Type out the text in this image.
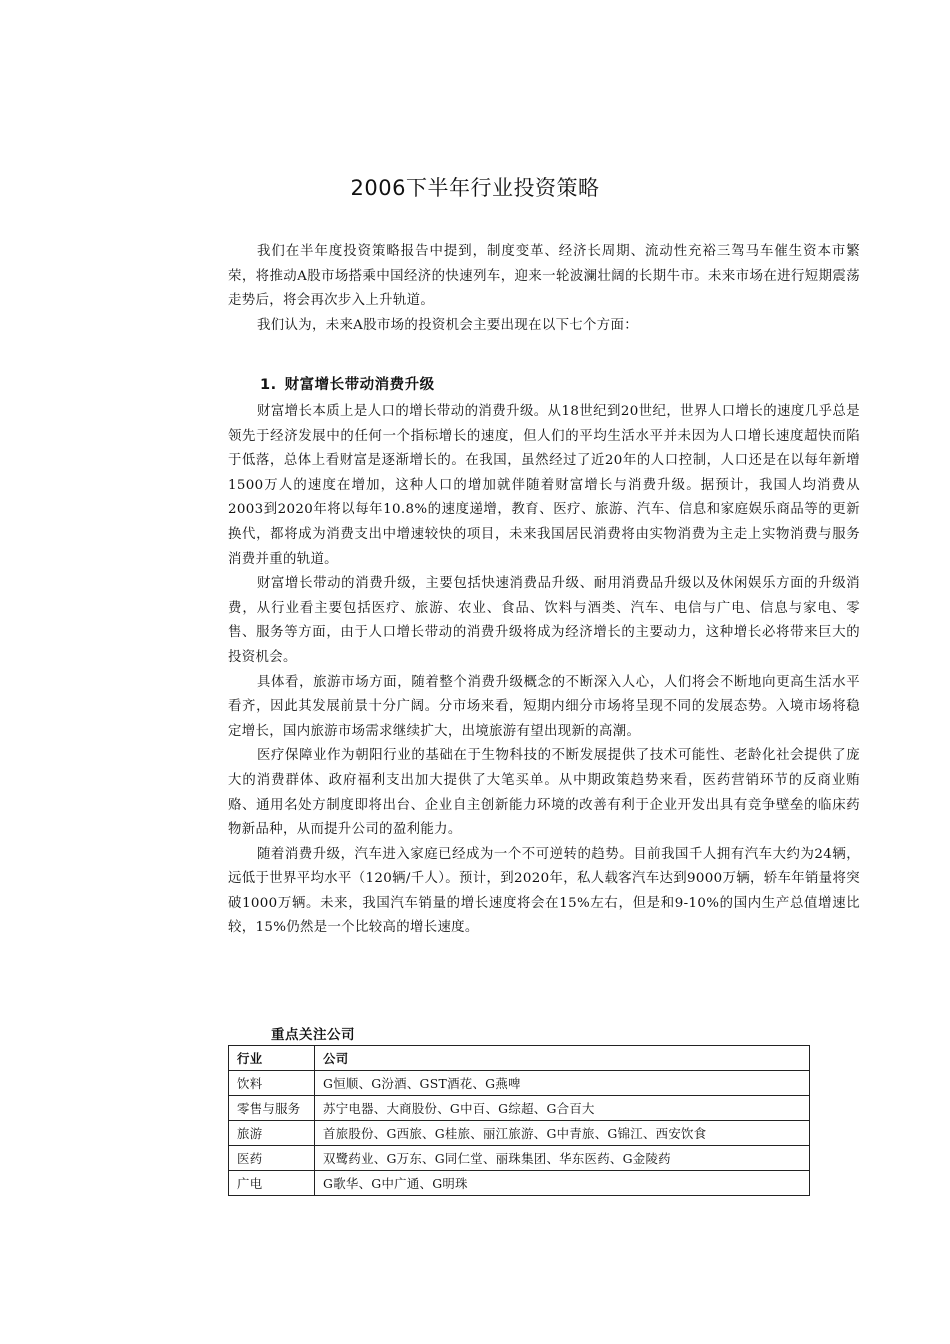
2006下半年行业投资策略

我们在半年度投资策略报告中提到，制度变革、经济长周期、流动性充裕三驾马车催生资本市繁荣，将推动A股市场搭乘中国经济的快速列车，迎来一轮波澜壮阔的长期牛市。未来市场在进行短期震荡走势后，将会再次步入上升轨道。

我们认为，未来A股市场的投资机会主要出现在以下七个方面：

1. 财富增长带动消费升级

财富增长本质上是人口的增长带动的消费升级。从18世纪到20世纪，世界人口增长的速度几乎总是领先于经济发展中的任何一个指标增长的速度，但人们的平均生活水平并未因为人口增长速度超快而陷于低落，总体上看财富是逐渐增长的。在我国，虽然经过了近20年的人口控制，人口还是在以每年新增1500万人的速度在增加，这种人口的增加就伴随着财富增长与消费升级。据预计，我国人均消费从2003到2020年将以每年10.8%的速度递增，教育、医疗、旅游、汽车、信息和家庭娱乐商品等的更新换代，都将成为消费支出中增速较快的项目，未来我国居民消费将由实物消费为主走上实物消费与服务消费并重的轨道。

财富增长带动的消费升级，主要包括快速消费品升级、耐用消费品升级以及休闲娱乐方面的升级消费，从行业看主要包括医疗、旅游、农业、食品、饮料与酒类、汽车、电信与广电、信息与家电、零售、服务等方面，由于人口增长带动的消费升级将成为经济增长的主要动力，这种增长必将带来巨大的投资机会。

具体看，旅游市场方面，随着整个消费升级概念的不断深入人心，人们将会不断地向更高生活水平看齐，因此其发展前景十分广阔。分市场来看，短期内细分市场将呈现不同的发展态势。入境市场将稳定增长，国内旅游市场需求继续扩大，出境旅游有望出现新的高潮。

医疗保障业作为朝阳行业的基础在于生物科技的不断发展提供了技术可能性、老龄化社会提供了庞大的消费群体、政府福利支出加大提供了大笔买单。从中期政策趋势来看，医药营销环节的反商业贿赂、通用名处方制度即将出台、企业自主创新能力环境的改善有利于企业开发出具有竞争壁垒的临床药物新品种，从而提升公司的盈利能力。

随着消费升级，汽车进入家庭已经成为一个不可逆转的趋势。目前我国千人拥有汽车大约为24辆，远低于世界平均水平（120辆/千人）。预计，到2020年，私人载客汽车达到9000万辆，轿车年销量将突破1000万辆。未来，我国汽车销量的增长速度将会在15%左右，但是和9-10%的国内生产总值增速比较，15%仍然是一个比较高的增长速度。

重点关注公司
行业	公司
饮料	G恒顺、G汾酒、GST酒花、G燕啤
零售与服务	苏宁电器、大商股份、G中百、G综超、G合百大
旅游	首旅股份、G西旅、G桂旅、丽江旅游、G中青旅、G锦江、西安饮食
医药	双鹭药业、G万东、G同仁堂、丽珠集团、华东医药、G金陵药
广电	G歌华、G中广通、G明珠
